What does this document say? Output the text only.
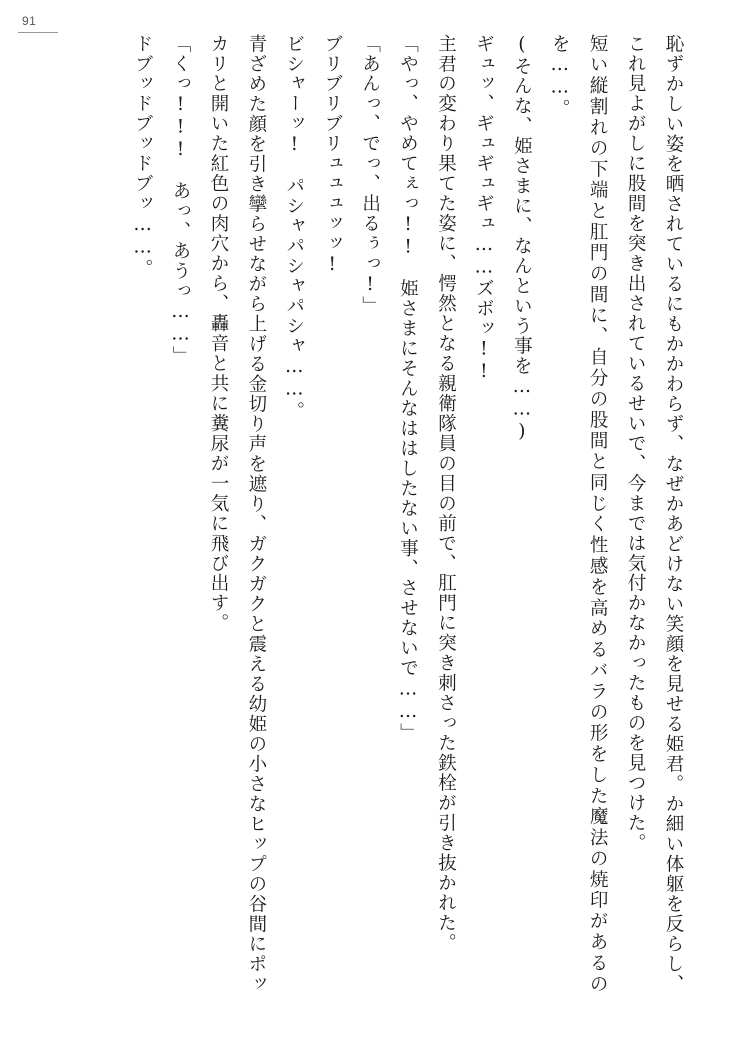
91

恥ずかしい姿を晒されているにもかかわらず、なぜかあどけない笑顔を見せる姫君。か細い体躯を反らし、これ見よがしに股間を突き出されているせいで、今までは気付かなかったものを見つけた。

短い縦割れの下端と肛門の間に、自分の股間と同じく性感を高めるバラの形をした魔法の焼印があるのを……。

(そんな、姫さまに、なんという事を……)

ギュッ、ギュギュギュ……ズボッ!!

主君の変わり果てた姿に、愕然となる親衛隊員の目の前で、肛門に突き刺さった鉄栓が引き抜かれた。

「やっ、やめてぇっ!!　姫さまにそんなははしたない事、させないで……」

「あんっ、でっ、出るぅっ!」

ブリブリブリュュュッッ!

ビシャーッ!　パシャパシャパシャ……。

青ざめた顔を引き攣らせながら上げる金切り声を遮り、ガクガクと震える幼姫の小さなヒップの谷間にポッカリと開いた紅色の肉穴から、轟音と共に糞尿が一気に飛び出す。

「くっ!!!　あっ、あうっ……」

ドブッドブッドブッ……。
